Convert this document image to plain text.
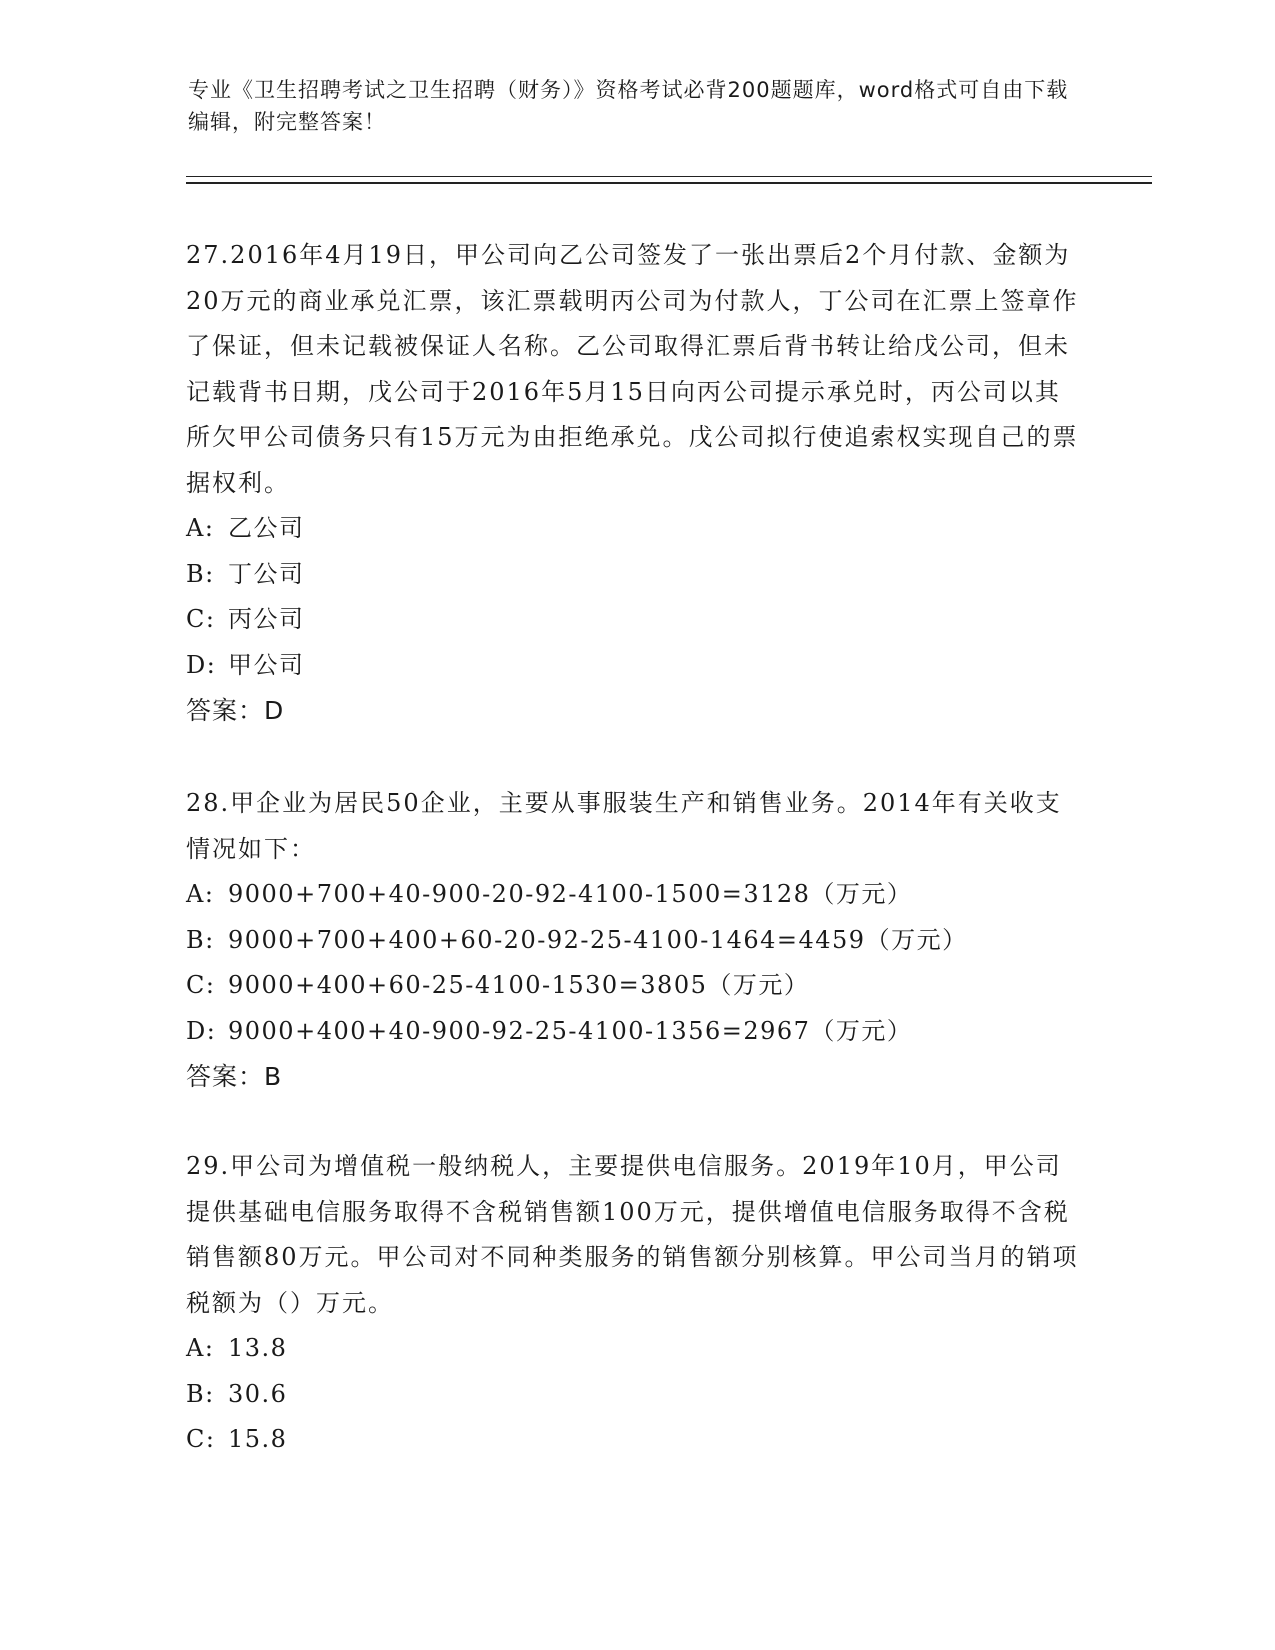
专业《卫生招聘考试之卫生招聘（财务）》资格考试必背200题题库，word格式可自由下载编辑，附完整答案！

27.2016年4月19日，甲公司向乙公司签发了一张出票后2个月付款、金额为20万元的商业承兑汇票，该汇票载明丙公司为付款人，丁公司在汇票上签章作了保证，但未记载被保证人名称。乙公司取得汇票后背书转让给戊公司，但未记载背书日期，戊公司于2016年5月15日向丙公司提示承兑时，丙公司以其所欠甲公司债务只有15万元为由拒绝承兑。戊公司拟行使追索权实现自己的票据权利。

A: 乙公司

B: 丁公司

C: 丙公司

D: 甲公司

答案：D

28.甲企业为居民50企业，主要从事服装生产和销售业务。2014年有关收支情况如下：

A: 9000+700+40-900-20-92-4100-1500=3128（万元）

B: 9000+700+400+60-20-92-25-4100-1464=4459（万元）

C: 9000+400+60-25-4100-1530=3805（万元）

D: 9000+400+40-900-92-25-4100-1356=2967（万元）

答案：B

29.甲公司为增值税一般纳税人，主要提供电信服务。2019年10月，甲公司提供基础电信服务取得不含税销售额100万元，提供增值电信服务取得不含税销售额80万元。甲公司对不同种类服务的销售额分别核算。甲公司当月的销项税额为（）万元。

A: 13.8

B: 30.6

C: 15.8
